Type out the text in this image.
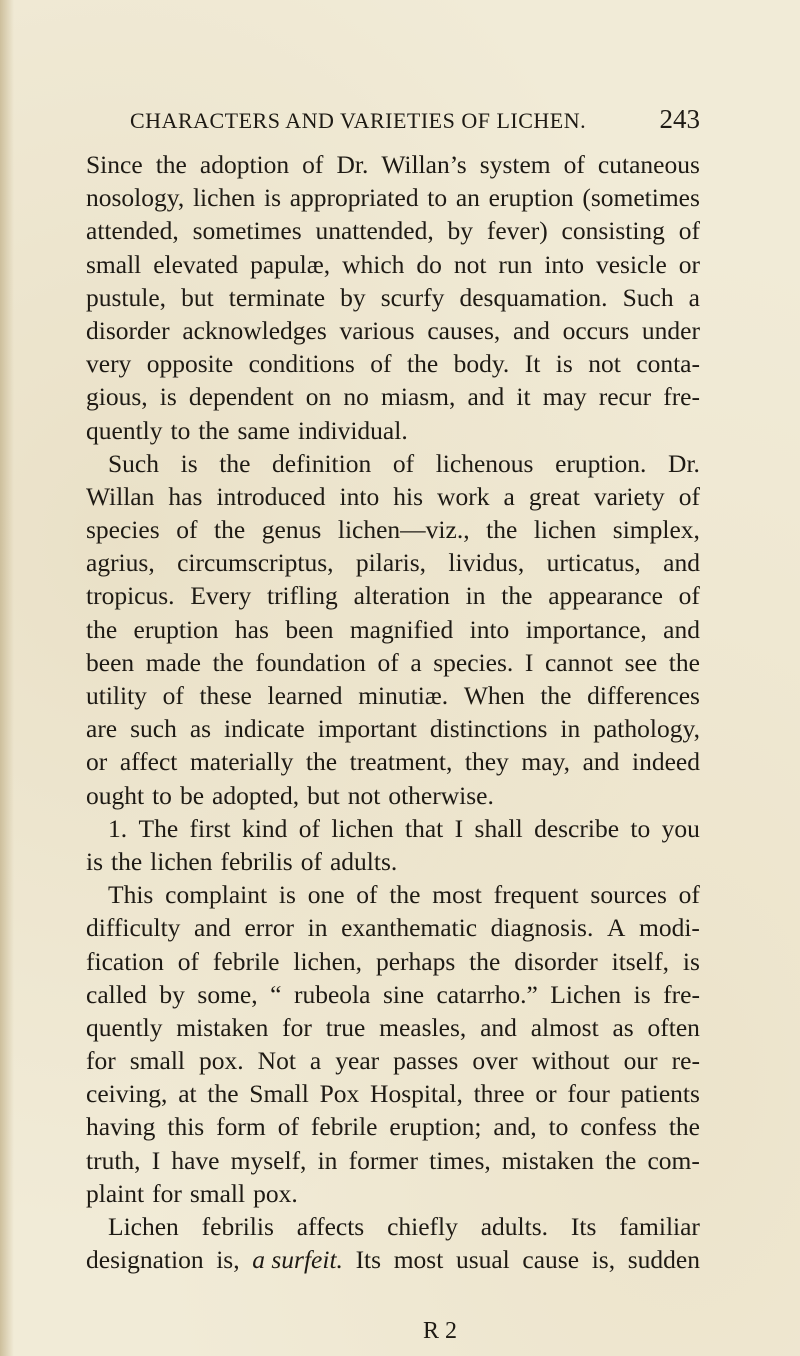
CHARACTERS AND VARIETIES OF LICHEN.	243
Since the adoption of Dr. Willan’s system of cutaneous
nosology, lichen is appropriated to an eruption (sometimes
attended, sometimes unattended, by fever) consisting of
small elevated papulæ, which do not run into vesicle or
pustule, but terminate by scurfy desquamation. Such a
disorder acknowledges various causes, and occurs under
very opposite conditions of the body. It is not conta-
gious, is dependent on no miasm, and it may recur fre-
quently to the same individual.
Such is the definition of lichenous eruption. Dr.
Willan has introduced into his work a great variety of
species of the genus lichen—viz., the lichen simplex,
agrius, circumscriptus, pilaris, lividus, urticatus, and
tropicus. Every trifling alteration in the appearance of
the eruption has been magnified into importance, and
been made the foundation of a species. I cannot see the
utility of these learned minutiæ. When the differences
are such as indicate important distinctions in pathology,
or affect materially the treatment, they may, and indeed
ought to be adopted, but not otherwise.
1. The first kind of lichen that I shall describe to you
is the lichen febrilis of adults.
This complaint is one of the most frequent sources of
difficulty and error in exanthematic diagnosis. A modi-
fication of febrile lichen, perhaps the disorder itself, is
called by some, “ rubeola sine catarrho.” Lichen is fre-
quently mistaken for true measles, and almost as often
for small pox. Not a year passes over without our re-
ceiving, at the Small Pox Hospital, three or four patients
having this form of febrile eruption; and, to confess the
truth, I have myself, in former times, mistaken the com-
plaint for small pox.
Lichen febrilis affects chiefly adults. Its familiar
designation is, a surfeit. Its most usual cause is, sudden
R 2
